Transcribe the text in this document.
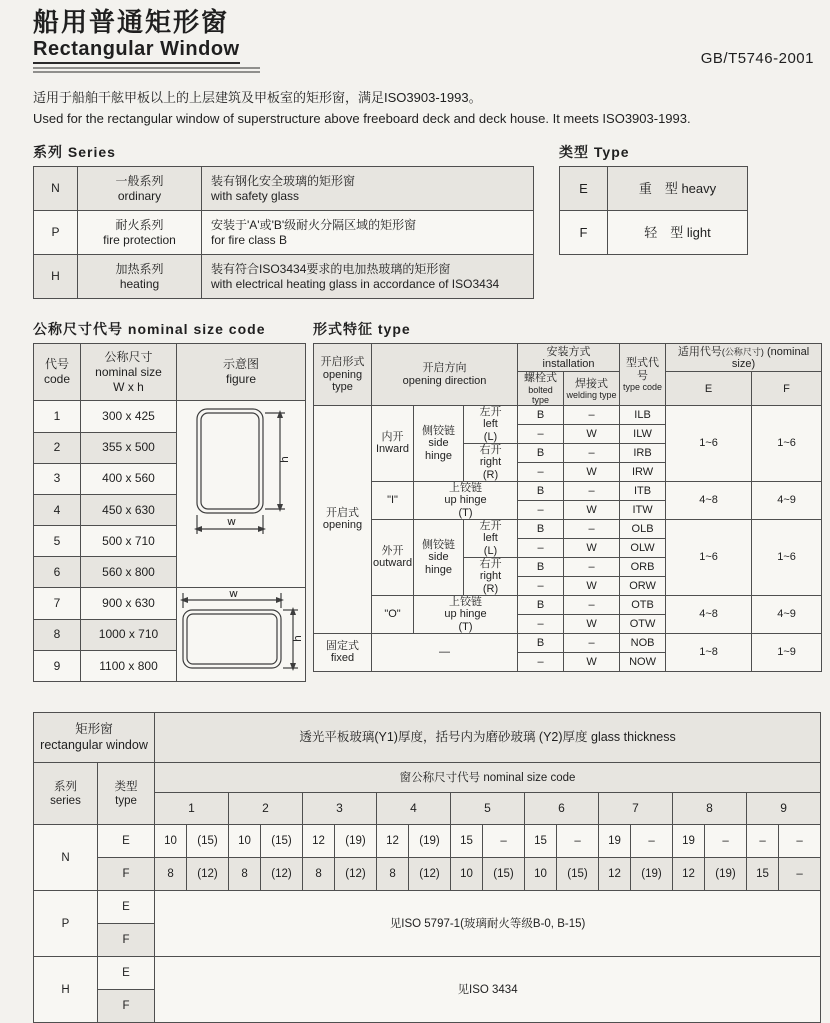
船用普通矩形窗
Rectangular Window	GB/T5746-2001
适用于船舶干舷甲板以上的上层建筑及甲板室的矩形窗，满足ISO3903-1993。
Used for the rectangular window of superstructure above freeboard deck and deck house. It meets ISO3903-1993.
系列 Series
N	一般系列
ordinary	装有钢化安全玻璃的矩形窗
with safety glass

P	耐火系列
fire protection	安装于'A'或'B'级耐火分隔区域的矩形窗
for fire class B

H	加热系列
heating	装有符合ISO3434要求的电加热玻璃的矩形窗
with electrical heating glass in accordance of ISO3434
类型 Type
E	重　型 heavy
F	轻　型 light
公称尺寸代号 nominal size code
代号
code	公称尺寸
nominal size
W x h	示意图
figure

1	300 x 425	h
w

2	355 x 500	
3	400 x 560	
4	450 x 630	
5	500 x 710	
6	560 x 800	
7	900 x 630	w
h

8	1000 x 710	
9	1100 x 800	
形式特征 type
开启形式
opening
type	开启方向
opening direction			安装方式 installation		型式代号
type code	适用代号(公称尺寸) (nominal size)	

				螺栓式
bolted type	焊接式
welding type		E	F

开启式
opening	内开
Inward	侧铰链
side
hinge	左开
left
(L)	B	–	ILB	1~6	1~6
				–	W	ILW		

			右开
right
(R)	B	–	IRB		
				–	W	IRW		
	"I"	上铰链
up hinge
(T)		B	–	ITB	4~8	4~9
				–	W	ITW		

	外开
outward	侧铰链
side
hinge	左开
left
(L)	B	–	OLB	1~6	1~6
				–	W	OLW		

			右开
right
(R)	B	–	ORB		
				–	W	ORW		
	"O"	上铰链
up hinge
(T)		B	–	OTB	4~8	4~9
				–	W	OTW		

固定式
fixed	—			B	–	NOB	1~8	1~9
				–	W	NOW		
矩形窗
rectangular window		透光平板玻璃(Y1)厚度，括号内为磨砂玻璃 (Y2)厚度 glass thickness																	

系列
series	类型
type	窗公称尺寸代号 nominal size code																	
		1		2		3		4		5		6		7		8		9	
N	E	10	(15)	10	(15)	12	(19)	12	(19)	15	–	15	–	19	–	19	–	–	–
	F	8	(12)	8	(12)	8	(12)	8	(12)	10	(15)	10	(15)	12	(19)	12	(19)	15	–
P	E	见ISO 5797-1(玻璃耐火等级B-0, B-15)																	
	F																		
H	E	见ISO 3434																	
	F																		
